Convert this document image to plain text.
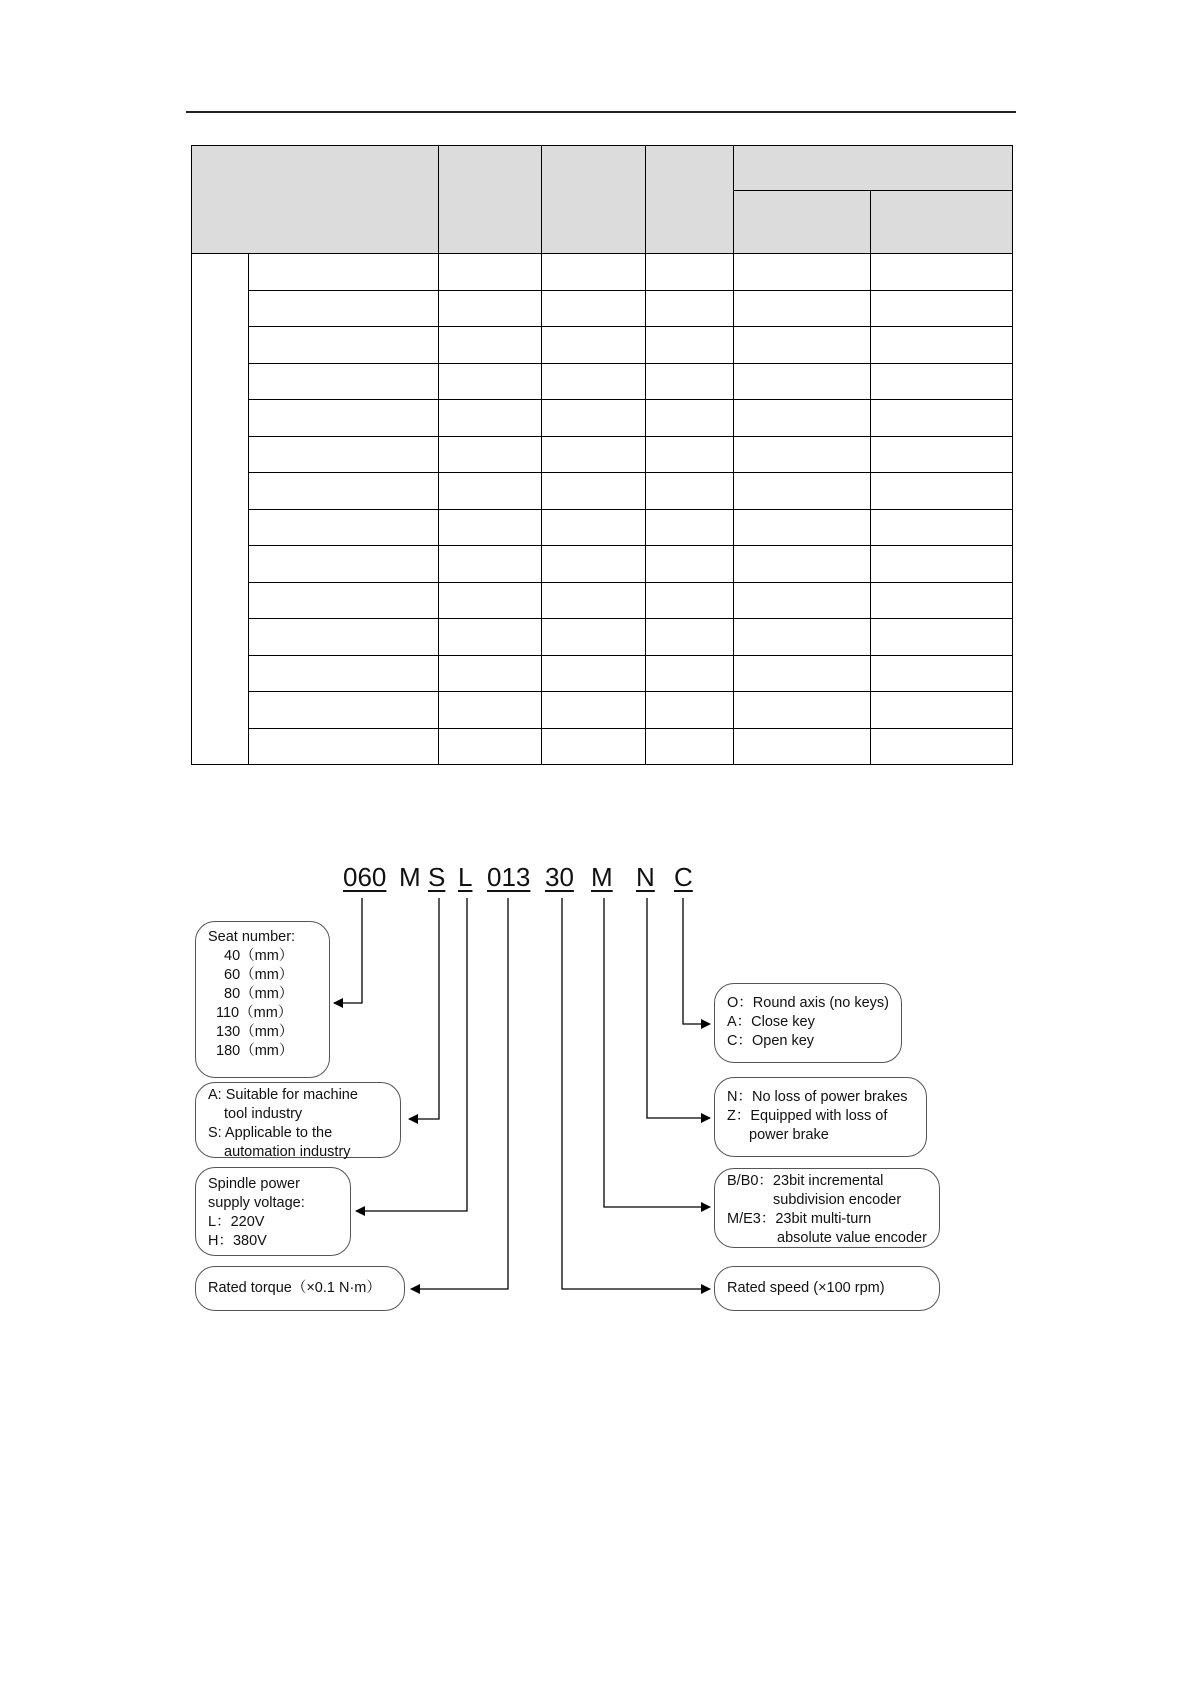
060 M S L 013 30 M N C
Seat number:
40（mm）
60（mm）
80（mm）
110（mm）
130（mm）
180（mm）
A: Suitable for machine
tool industry
S: Applicable to the
automation industry
Spindle power
supply voltage:
L：220V
H：380V
Rated torque（×0.1 N·m）
O：Round axis (no keys)
A：Close key
C：Open key
N：No loss of power brakes
Z：Equipped with loss of
power brake
B/B0：23bit incremental
subdivision encoder
M/E3：23bit multi-turn
absolute value encoder
Rated speed (×100 rpm)
